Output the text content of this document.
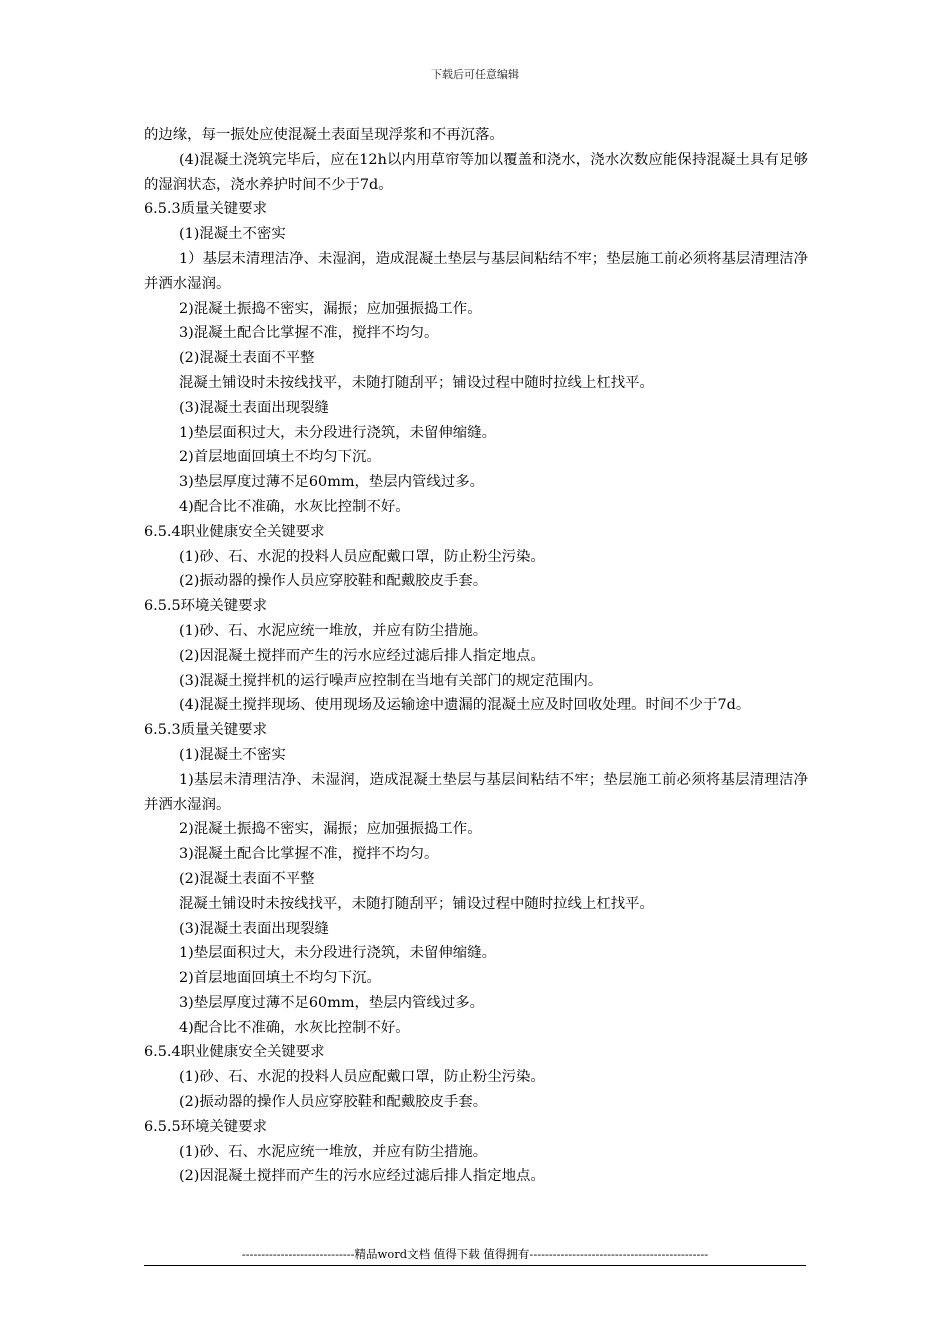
下载后可任意编辑
的边缘，每一振处应使混凝土表面呈现浮浆和不再沉落。
(4)混凝土浇筑完毕后，应在12h以内用草帘等加以覆盖和浇水，浇水次数应能保持混凝土具有足够的湿润状态，浇水养护时间不少于7d。
6.5.3质量关键要求
(1)混凝土不密实
1）基层未清理洁净、未湿润，造成混凝土垫层与基层间粘结不牢；垫层施工前必须将基层清理洁净并洒水湿润。
2)混凝土振捣不密实，漏振；应加强振捣工作。
3)混凝土配合比掌握不准，搅拌不均匀。
(2)混凝土表面不平整
混凝土铺设时未按线找平，未随打随刮平；铺设过程中随时拉线上杠找平。
(3)混凝土表面出现裂缝
1)垫层面积过大，未分段进行浇筑，未留伸缩缝。
2)首层地面回填土不均匀下沉。
3)垫层厚度过薄不足60mm，垫层内管线过多。
4)配合比不准确，水灰比控制不好。
6.5.4职业健康安全关键要求
(1)砂、石、水泥的投料人员应配戴口罩，防止粉尘污染。
(2)振动器的操作人员应穿胶鞋和配戴胶皮手套。
6.5.5环境关键要求
(1)砂、石、水泥应统一堆放，并应有防尘措施。
(2)因混凝土搅拌而产生的污水应经过滤后排人指定地点。
(3)混凝土搅拌机的运行噪声应控制在当地有关部门的规定范围内。
(4)混凝土搅拌现场、使用现场及运输途中遗漏的混凝土应及时回收处理。时间不少于7d。
6.5.3质量关键要求
(1)混凝土不密实
1)基层未清理洁净、未湿润，造成混凝土垫层与基层间粘结不牢；垫层施工前必须将基层清理洁净并洒水湿润。
2)混凝土振捣不密实，漏振；应加强振捣工作。
3)混凝土配合比掌握不准，搅拌不均匀。
(2)混凝土表面不平整
混凝土铺设时未按线找平，未随打随刮平；铺设过程中随时拉线上杠找平。
(3)混凝土表面出现裂缝
1)垫层面积过大，未分段进行浇筑，未留伸缩缝。
2)首层地面回填土不均匀下沉。
3)垫层厚度过薄不足60mm，垫层内管线过多。
4)配合比不准确，水灰比控制不好。
6.5.4职业健康安全关键要求
(1)砂、石、水泥的投料人员应配戴口罩，防止粉尘污染。
(2)振动器的操作人员应穿胶鞋和配戴胶皮手套。
6.5.5环境关键要求
(1)砂、石、水泥应统一堆放，并应有防尘措施。
(2)因混凝土搅拌而产生的污水应经过滤后排人指定地点。
-----------------------------精品word文档 值得下载 值得拥有----------------------------------------------
